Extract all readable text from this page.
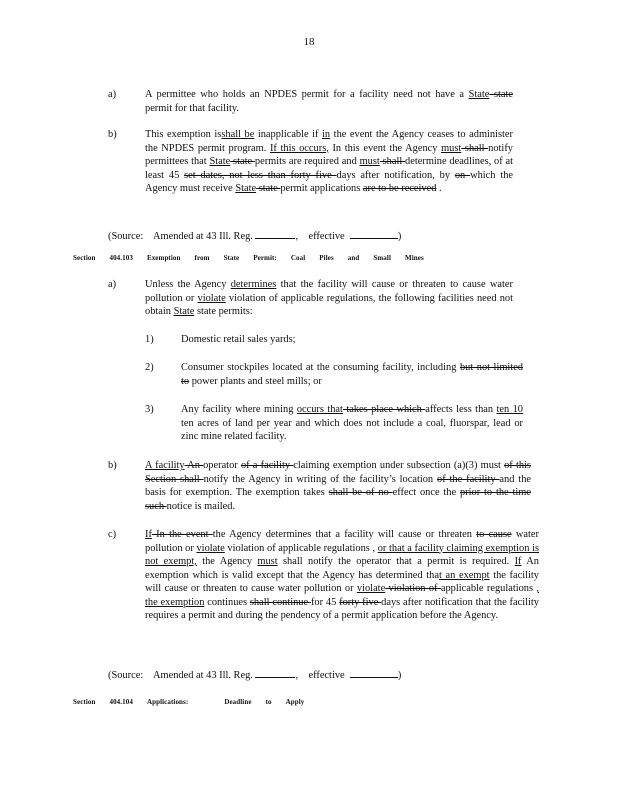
18
a)	A permittee who holds an NPDES permit for a facility need not have a State state permit for that facility.
b)	This exemption isshall be inapplicable if in the event the Agency ceases to administer the NPDES permit program. If this occurs, In this event the Agency must shall notify permittees that State state permits are required and must shall determine deadlines, of at least 45 set dates, not less than forty five days after notification, by on which the Agency must receive State state permit applications are to be received .
(Source: Amended at 43 Ill. Reg.	, effective	)
Section 404.103 Exemption from State Permit: Coal Piles and Small Mines
a)	Unless the Agency determines that the facility will cause or threaten to cause water pollution or violate violation of applicable regulations, the following facilities need not obtain State state permits:
1)	Domestic retail sales yards;
2)	Consumer stockpiles located at the consuming facility, including but not limited to power plants and steel mills; or
3)	Any facility where mining occurs that takes place which affects less than ten 10 ten acres of land per year and which does not include a coal, fluorspar, lead or zinc mine related facility.
b)	A facility An operator of a facility claiming exemption under subsection (a)(3) must of this Section shall notify the Agency in writing of the facility’s location of the facility and the basis for exemption. The exemption takes shall be of no effect once the prior to the time such notice is mailed.
c)	If In the event the Agency determines that a facility will cause or threaten to cause water pollution or violate violation of applicable regulations , or that a facility claiming exemption is not exempt, the Agency must shall notify the operator that a permit is required. If An exemption which is valid except that the Agency has determined that an exempt the facility will cause or threaten to cause water pollution or violate violation of applicable regulations , the exemption continues shall continue for 45 forty five days after notification that the facility requires a permit and during the pendency of a permit application before the Agency.
(Source: Amended at 43 Ill. Reg.	, effective	)
Section 404.104 Applications:	Deadline to Apply
